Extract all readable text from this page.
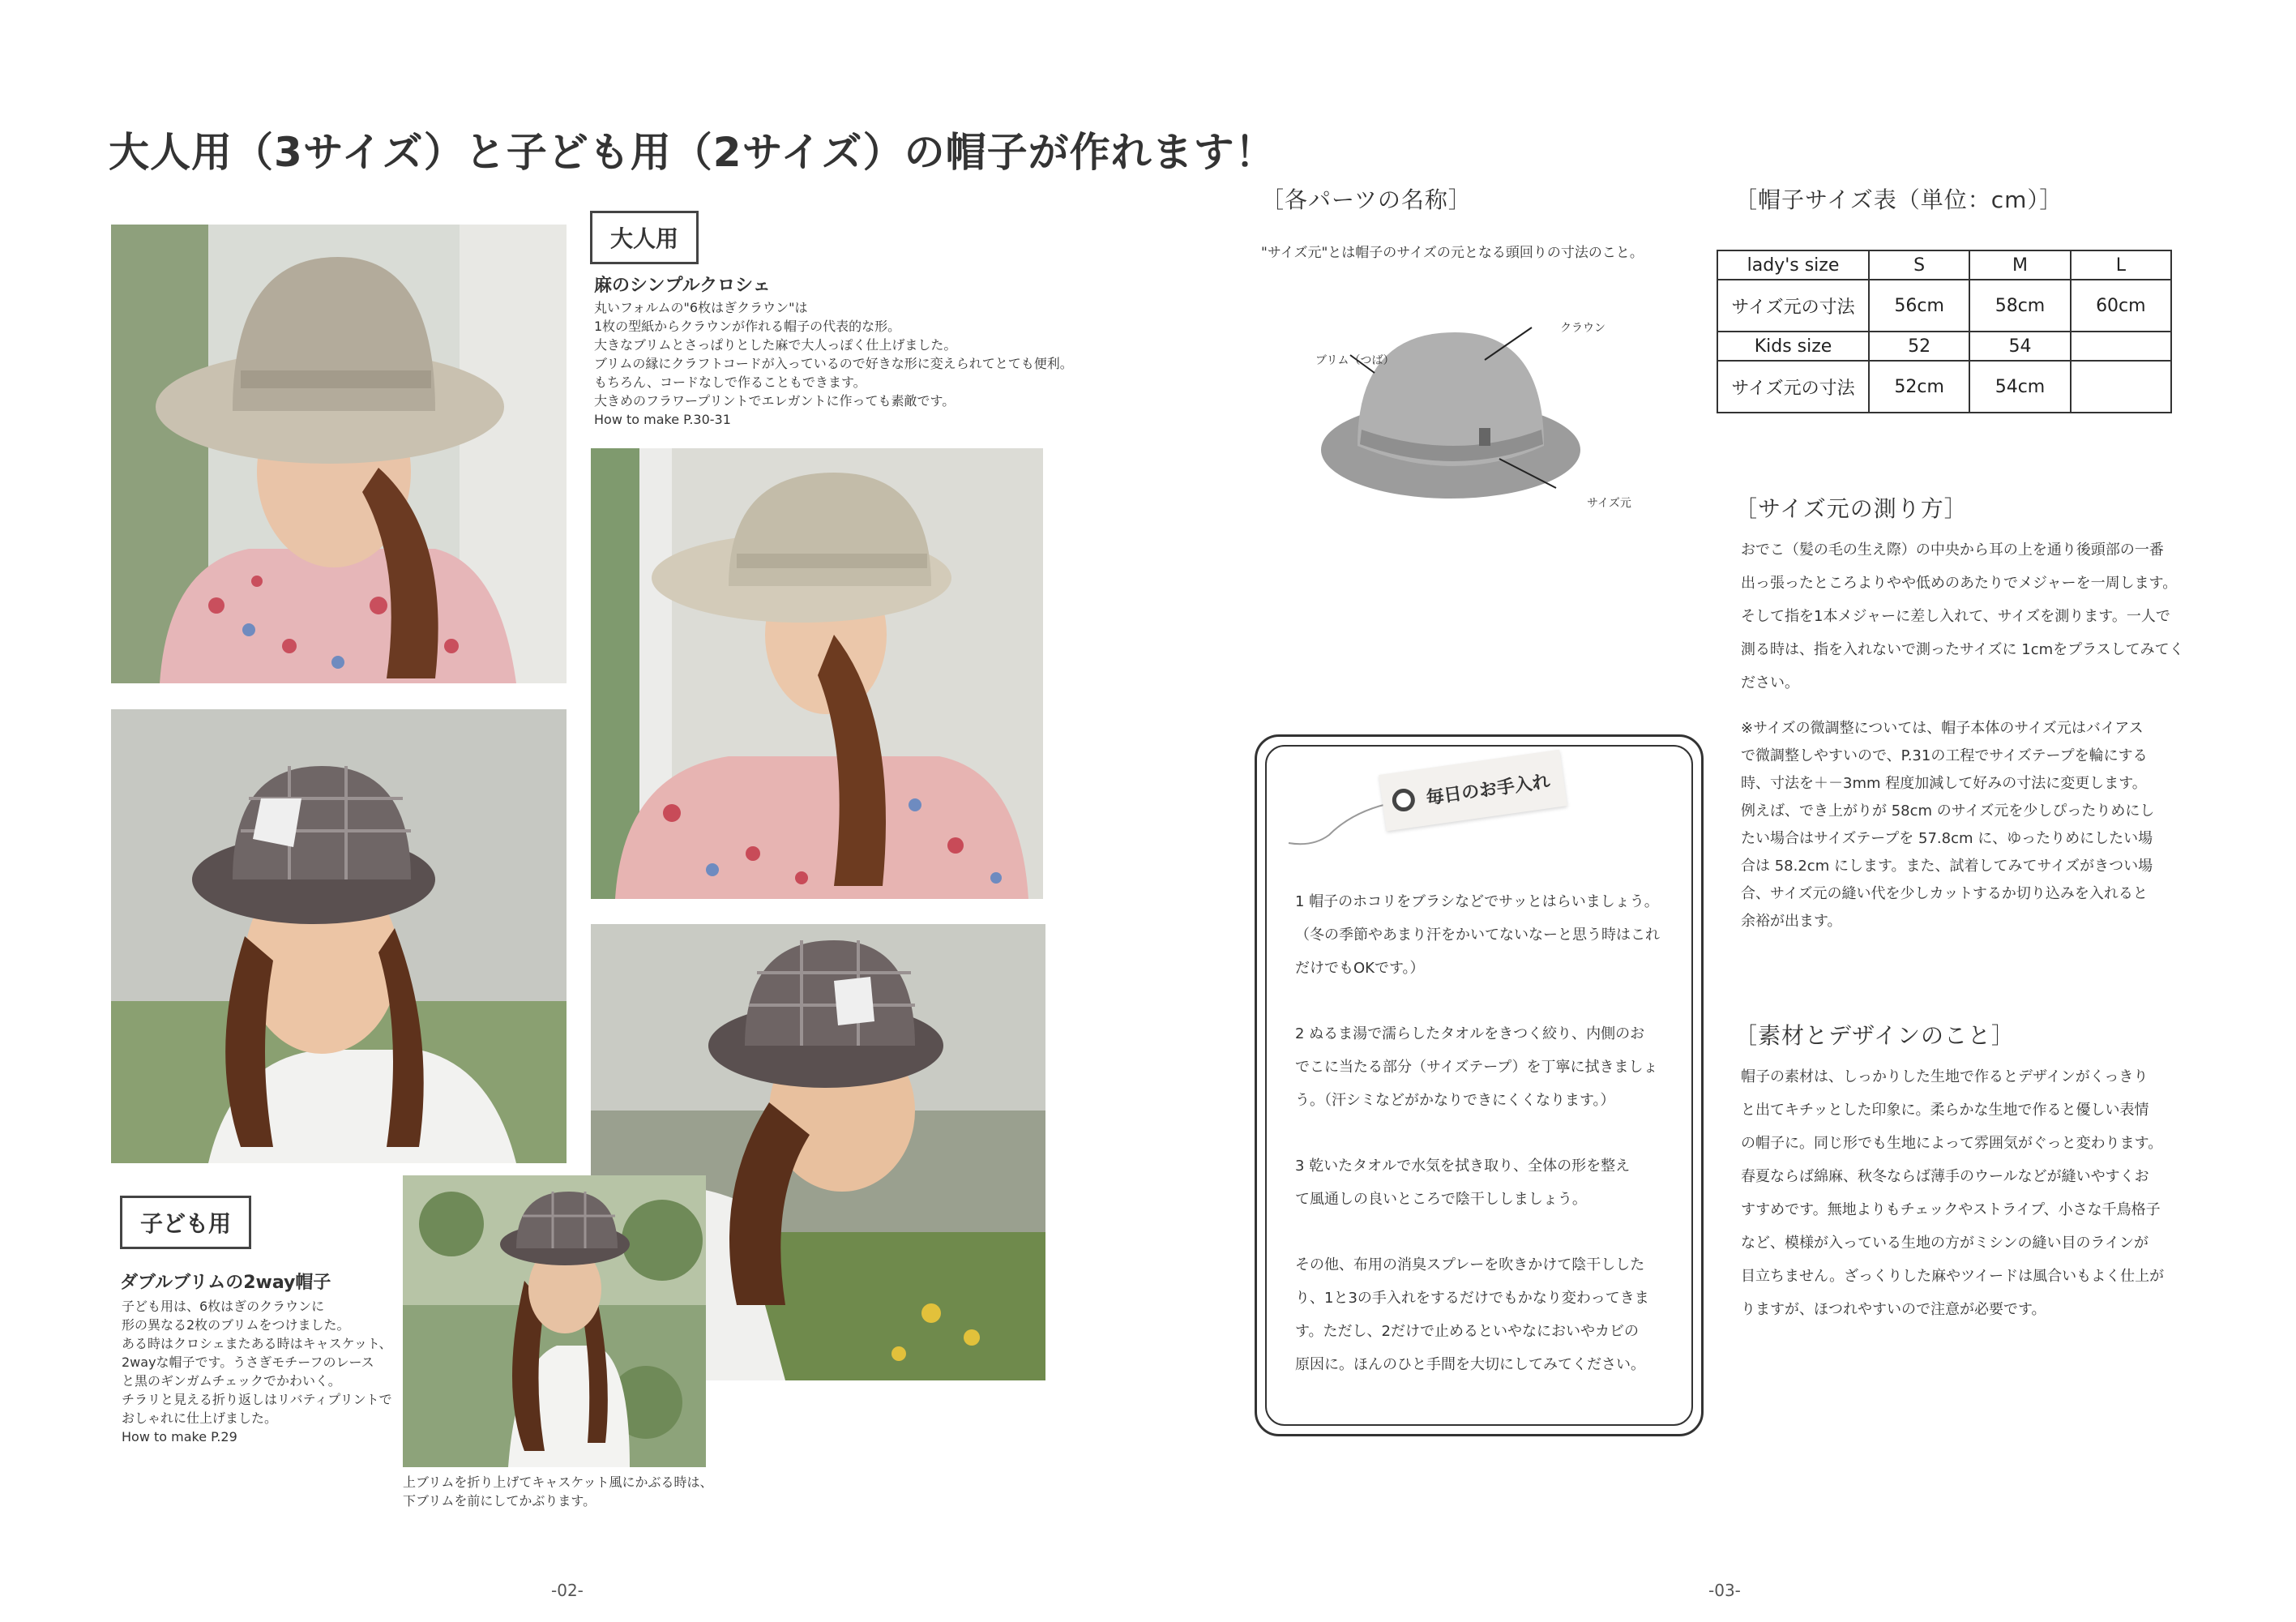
大人用（3サイズ）と子ども用（2サイズ）の帽子が作れます！
大人用
麻のシンプルクロシェ
丸いフォルムの"6枚はぎクラウン"は
1枚の型紙からクラウンが作れる帽子の代表的な形。
大きなブリムとさっぱりとした麻で大人っぽく仕上げました。
ブリムの縁にクラフトコードが入っているので好きな形に変えられてとても便利。
もちろん、コードなしで作ることもできます。
大きめのフラワープリントでエレガントに作っても素敵です。
How to make P.30-31
子ども用
ダブルブリムの2way帽子
子ども用は、6枚はぎのクラウンに
形の異なる2枚のブリムをつけました。
ある時はクロシェまたある時はキャスケット、
2wayな帽子です。うさぎモチーフのレース
と黒のギンガムチェックでかわいく。
チラリと見える折り返しはリバティプリントで
おしゃれに仕上げました。
How to make P.29
上ブリムを折り上げてキャスケット風にかぶる時は、
下ブリムを前にしてかぶります。
-02-
［各パーツの名称］
"サイズ元"とは帽子のサイズの元となる頭回りの寸法のこと。
クラウン
ブリム（つば）
サイズ元
［帽子サイズ表（単位：cm）］
lady's size	S	M	L
サイズ元の寸法	56cm	58cm	60cm
Kids size	52	54	
サイズ元の寸法	52cm	54cm	
［サイズ元の測り方］
おでこ（髪の毛の生え際）の中央から耳の上を通り後頭部の一番
出っ張ったところよりやや低めのあたりでメジャーを一周します。
そして指を1本メジャーに差し入れて、サイズを測ります。一人で
測る時は、指を入れないで測ったサイズに 1cmをプラスしてみてく
ださい。
※サイズの微調整については、帽子本体のサイズ元はバイアス
で微調整しやすいので、P.31の工程でサイズテープを輪にする
時、寸法を＋－3mm 程度加減して好みの寸法に変更します。
例えば、でき上がりが 58cm のサイズ元を少しぴったりめにし
たい場合はサイズテープを 57.8cm に、ゆったりめにしたい場
合は 58.2cm にします。また、試着してみてサイズがきつい場
合、サイズ元の縫い代を少しカットするか切り込みを入れると
余裕が出ます。
毎日のお手入れ
1 帽子のホコリをブラシなどでサッとはらいましょう。
（冬の季節やあまり汗をかいてないなーと思う時はこれ
だけでもOKです。）
2 ぬるま湯で濡らしたタオルをきつく絞り、内側のお
でこに当たる部分（サイズテープ）を丁寧に拭きましょ
う。（汗シミなどがかなりできにくくなります。）
3 乾いたタオルで水気を拭き取り、全体の形を整え
て風通しの良いところで陰干ししましょう。
その他、布用の消臭スプレーを吹きかけて陰干しした
り、1と3の手入れをするだけでもかなり変わってきま
す。ただし、2だけで止めるといやなにおいやカビの
原因に。ほんのひと手間を大切にしてみてください。
［素材とデザインのこと］
帽子の素材は、しっかりした生地で作るとデザインがくっきり
と出てキチッとした印象に。柔らかな生地で作ると優しい表情
の帽子に。同じ形でも生地によって雰囲気がぐっと変わります。
春夏ならば綿麻、秋冬ならば薄手のウールなどが縫いやすくお
すすめです。無地よりもチェックやストライプ、小さな千鳥格子
など、模様が入っている生地の方がミシンの縫い目のラインが
目立ちません。ざっくりした麻やツイードは風合いもよく仕上が
りますが、ほつれやすいので注意が必要です。
-03-
